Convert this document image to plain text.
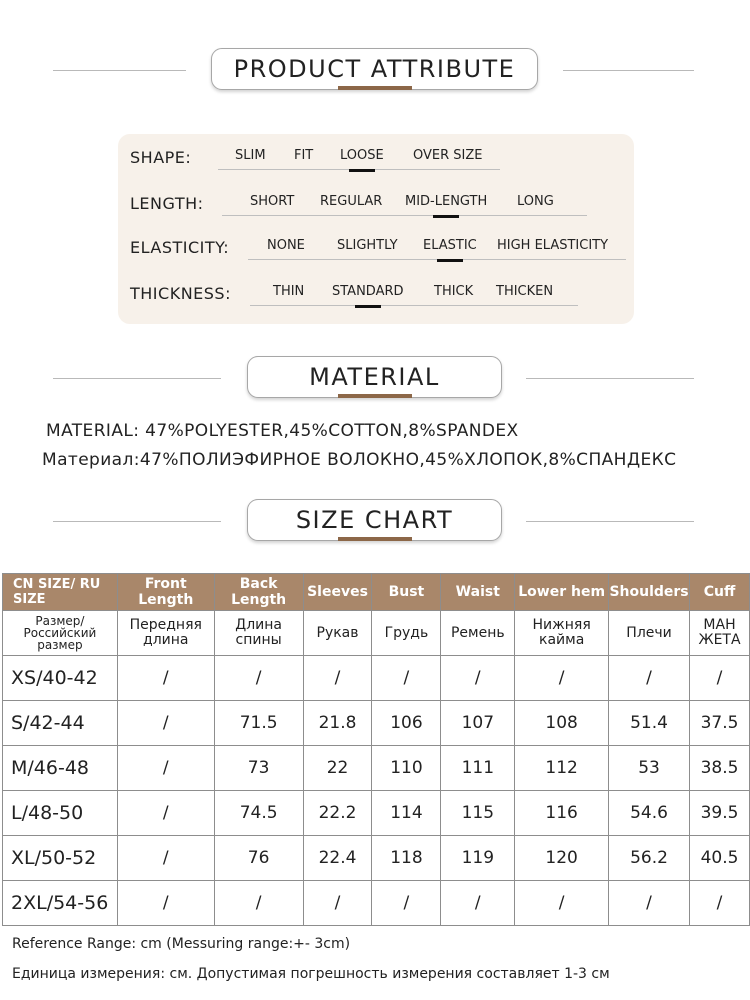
PRODUCT ATTRIBUTE
SHAPE:	SLIM FIT LOOSE OVER SIZE
LENGTH:	SHORT REGULAR MID-LENGTH LONG
ELASTICITY:	NONE SLIGHTLY ELASTIC HIGH ELASTICITY
THICKNESS:	THIN STANDARD THICK THICKEN
MATERIAL
MATERIAL: 47%POLYESTER,45%COTTON,8%SPANDEX
Материал:47%ПОЛИЭФИРНОЕ ВОЛОКНО,45%ХЛОПОК,8%СПАНДЕКС
SIZE CHART
CN SIZE/ RU SIZE	Front Length	Back Length	Sleeves	Bust	Waist	Lower hem	Shoulders	Cuff
Размер/ Российский размер	Передняя длина	Длина спины	Рукав	Грудь	Ремень	Нижняя кайма	Плечи	МАН ЖЕТА
XS/40-42	/	/	/	/	/	/	/	/
S/42-44	/	71.5	21.8	106	107	108	51.4	37.5
M/46-48	/	73	22	110	111	112	53	38.5
L/48-50	/	74.5	22.2	114	115	116	54.6	39.5
XL/50-52	/	76	22.4	118	119	120	56.2	40.5
2XL/54-56	/	/	/	/	/	/	/	/
Reference Range: cm (Messuring range:+- 3cm)
Единица измерения: см. Допустимая погрешность измерения составляет 1-3 см
